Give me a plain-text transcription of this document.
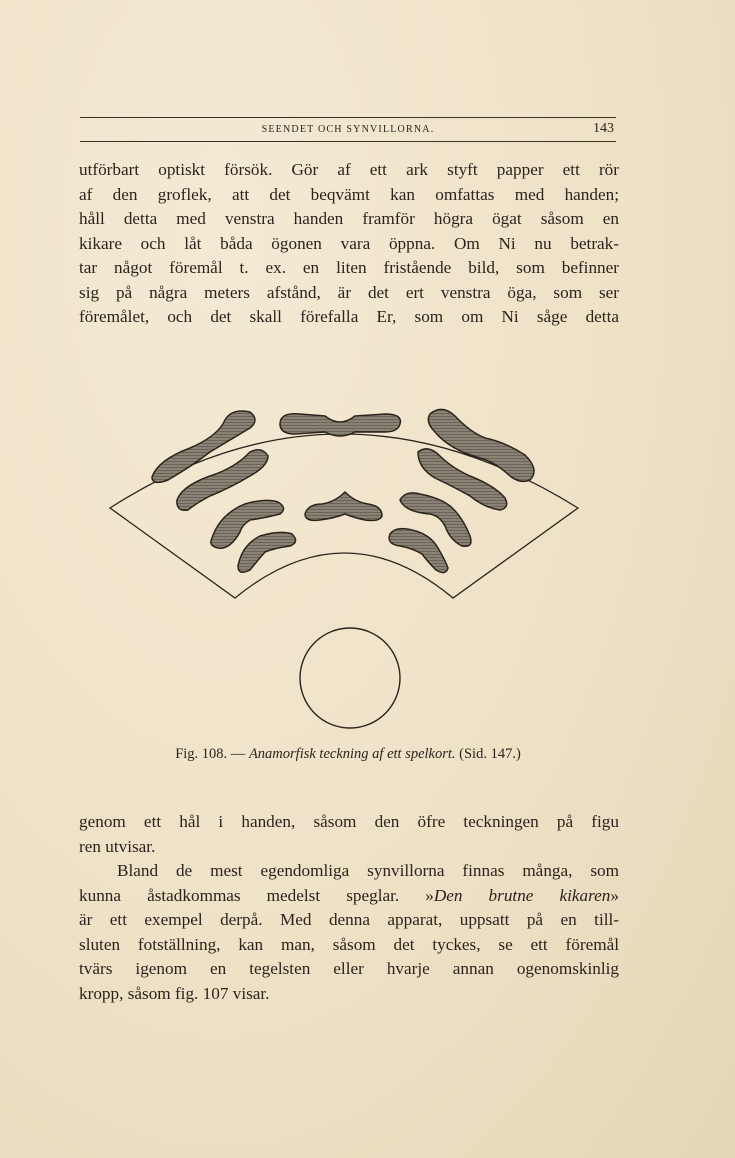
SEENDET OCH SYNVILLORNA.	143
utförbart optiskt försök. Gör af ett ark styft papper ett rör
af den groflek, att det beqvämt kan omfattas med handen;
håll detta med venstra handen framför högra ögat såsom en
kikare och låt båda ögonen vara öppna. Om Ni nu betrak-
tar något föremål t. ex. en liten fristående bild, som befinner
sig på några meters afstånd, är det ert venstra öga, som ser
föremålet, och det skall förefalla Er, som om Ni såge detta
Fig. 108. — Anamorfisk teckning af ett spelkort. (Sid. 147.)
genom ett hål i handen, såsom den öfre teckningen på figu
ren utvisar.
Bland de mest egendomliga synvillorna finnas många, som
kunna åstadkommas medelst speglar. »Den brutne kikaren»
är ett exempel derpå. Med denna apparat, uppsatt på en till-
sluten fotställning, kan man, såsom det tyckes, se ett föremål
tvärs igenom en tegelsten eller hvarje annan ogenomskinlig
kropp, såsom fig. 107 visar.
